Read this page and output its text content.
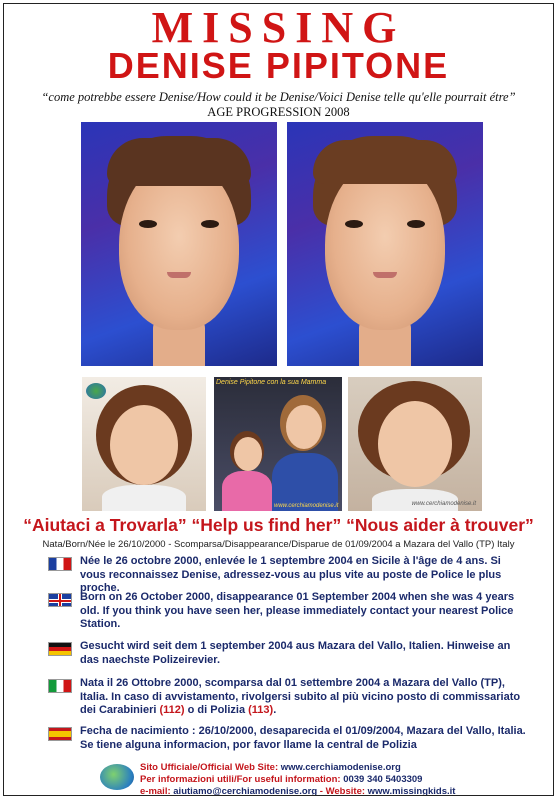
MISSING
DENISE PIPITONE
“come potrebbe essere Denise/How could it be Denise/Voici Denise telle qu'elle pourrait étre”
AGE PROGRESSION 2008
Denise Pipitone con la sua Mamma
www.cerchiamodenise.it	www.cerchiamodenise.it
“Aiutaci a Trovarla” “Help us find her” “Nous aider à trouver”
Nata/Born/Née le 26/10/2000 - Scomparsa/Disappearance/Disparue de 01/09/2004 a Mazara del Vallo (TP) Italy
Née le 26 octobre 2000, enlevée le 1 septembre 2004 en Sicile à l'âge de 4 ans. Si vous reconnaissez Denise, adressez-vous au plus vite au poste de Police le plus proche.
Born on 26 October 2000, disappearance 01 September 2004 when she was 4 years old. If you think you have seen her, please immediately contact your nearest Police Station.
Gesucht wird seit dem 1 september 2004 aus Mazara del Vallo, Italien. Hinweise an das naechste Polizeirevier.
Nata il 26 Ottobre 2000, scomparsa dal 01 settembre 2004 a Mazara del Vallo (TP), Italia. In caso di avvistamento, rivolgersi subito al più vicino posto di commissariato dei Carabinieri (112) o di Polizia (113).
Fecha de nacimiento : 26/10/2000, desaparecida el 01/09/2004, Mazara del Vallo, Italia. Se tiene alguna informacion, por favor llame la central de Polizia
Sito Ufficiale/Official Web Site: www.cerchiamodenise.org
Per informazioni utili/For useful information: 0039 340 5403309
e-mail: aiutiamo@cerchiamodenise.org - Website: www.missingkids.it
